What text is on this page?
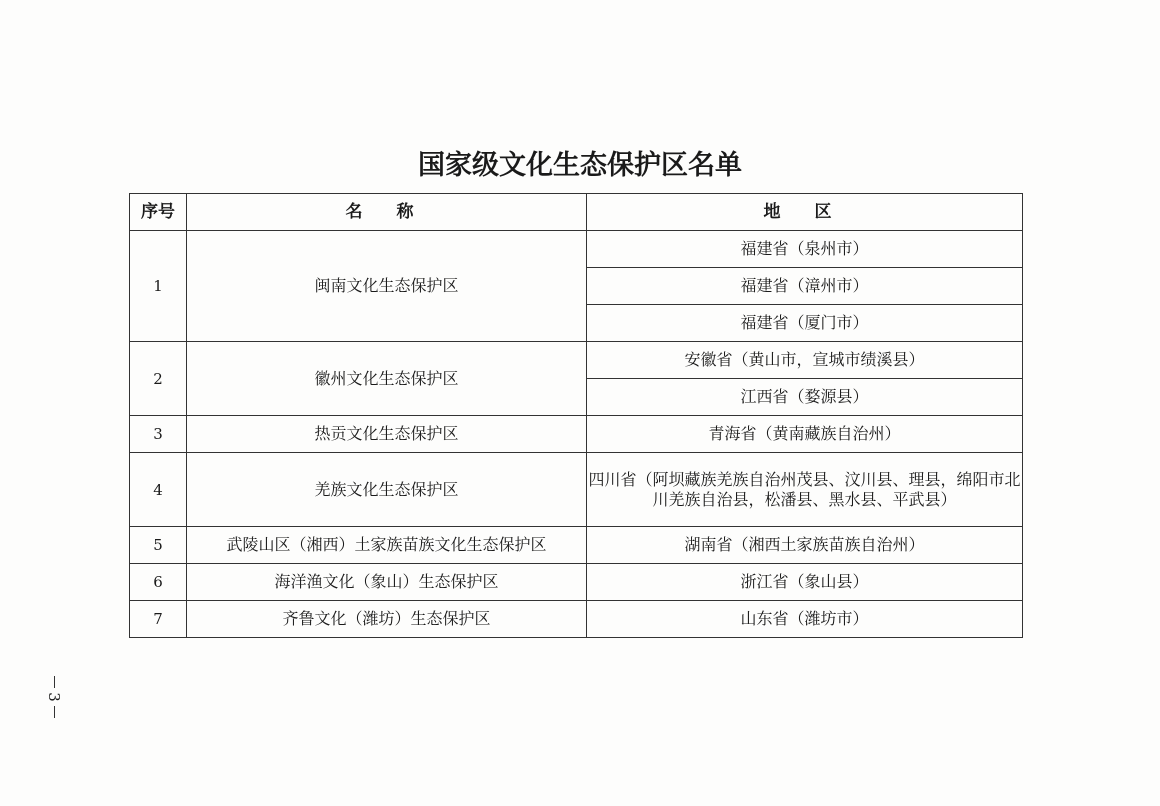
国家级文化生态保护区名单
序号	名 称	地 区
1	闽南文化生态保护区	福建省（泉州市）
		福建省（漳州市）
		福建省（厦门市）
2	徽州文化生态保护区	安徽省（黄山市，宣城市绩溪县）
		江西省（婺源县）
3	热贡文化生态保护区	青海省（黄南藏族自治州）
4	羌族文化生态保护区	四川省（阿坝藏族羌族自治州茂县、汶川县、理县，绵阳市北川羌族自治县，松潘县、黑水县、平武县）
5	武陵山区（湘西）土家族苗族文化生态保护区	湖南省（湘西土家族苗族自治州）
6	海洋渔文化（象山）生态保护区	浙江省（象山县）
7	齐鲁文化（潍坊）生态保护区	山东省（潍坊市）
3
